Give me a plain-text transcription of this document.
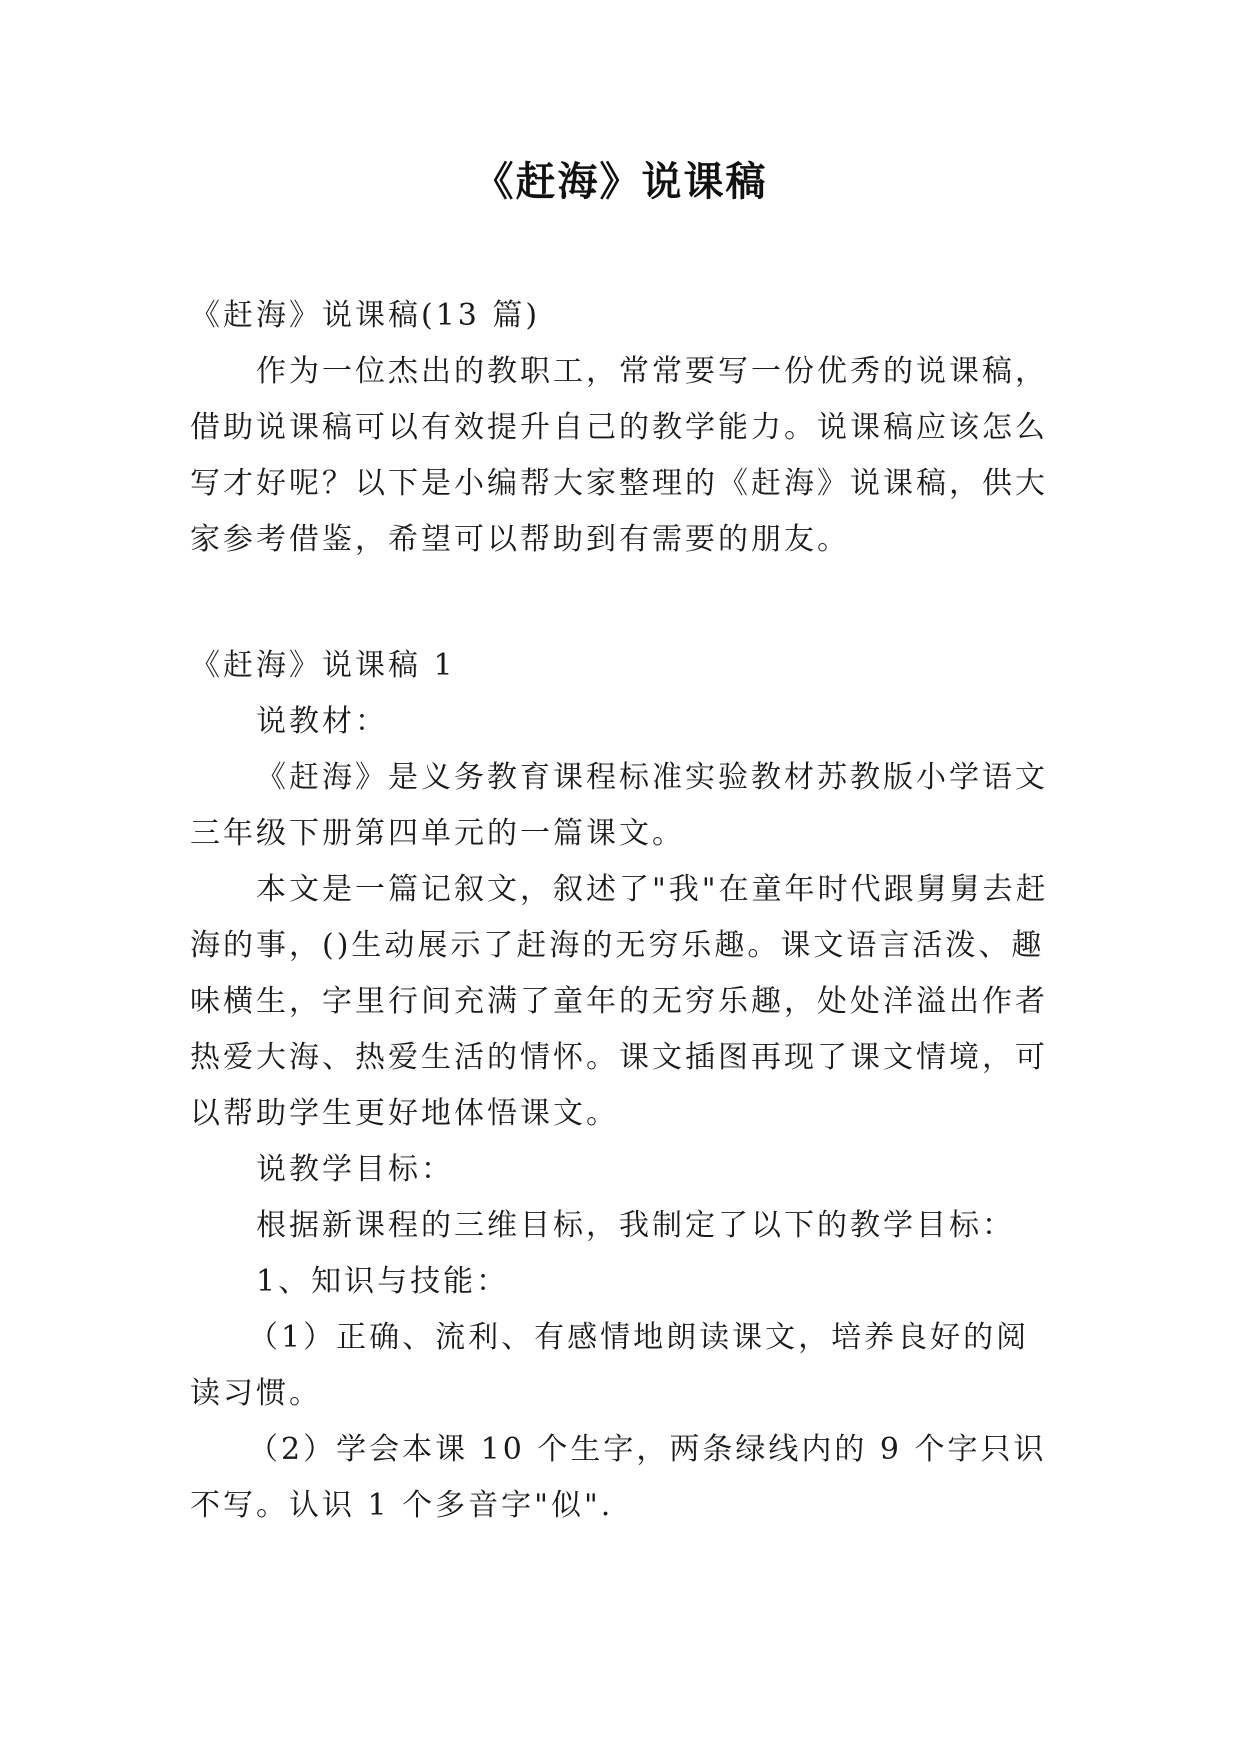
《赶海》说课稿

《赶海》说课稿(13 篇)

作为一位杰出的教职工，常常要写一份优秀的说课稿，借助说课稿可以有效提升自己的教学能力。说课稿应该怎么写才好呢？以下是小编帮大家整理的《赶海》说课稿，供大家参考借鉴，希望可以帮助到有需要的朋友。

《赶海》说课稿 1

说教材：

《赶海》是义务教育课程标准实验教材苏教版小学语文三年级下册第四单元的一篇课文。

本文是一篇记叙文，叙述了"我"在童年时代跟舅舅去赶海的事，()生动展示了赶海的无穷乐趣。课文语言活泼、趣味横生，字里行间充满了童年的无穷乐趣，处处洋溢出作者热爱大海、热爱生活的情怀。课文插图再现了课文情境，可以帮助学生更好地体悟课文。

说教学目标：

根据新课程的三维目标，我制定了以下的教学目标：

1、知识与技能：

（1）正确、流利、有感情地朗读课文，培养良好的阅读习惯。

（2）学会本课 10 个生字，两条绿线内的 9 个字只识不写。认识 1 个多音字"似".
